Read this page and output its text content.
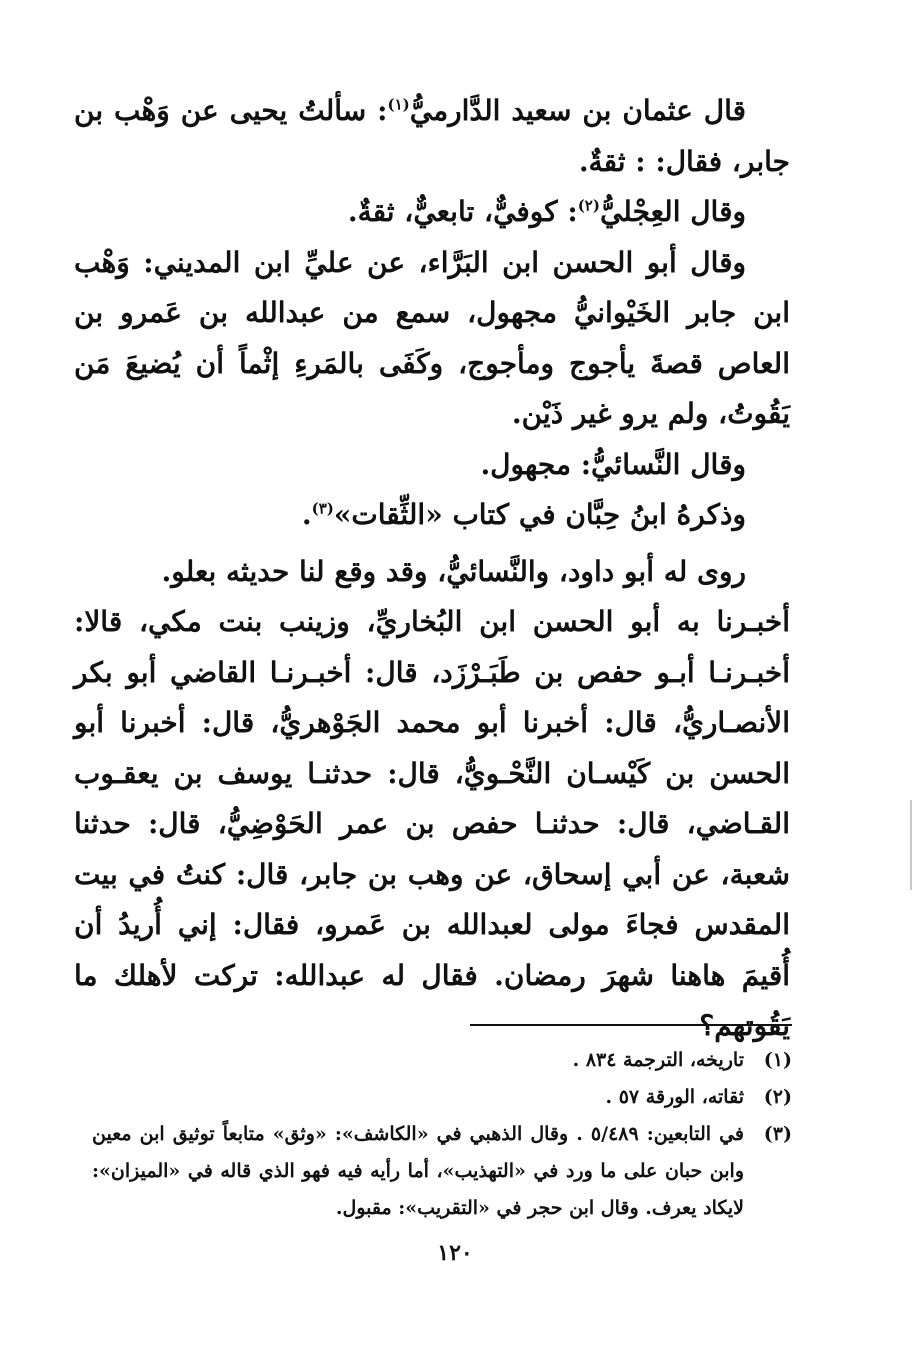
قال عثمان بن سعيد الدَّارميُّ$^{(١)}$: سألتُ يحيى عن وَهْب بن جابر، فقال: : ثقةٌ.

وقال العِجْليُّ$^{(٢)}$: كوفيٌّ، تابعيٌّ، ثقةٌ.

وقال أبو الحسن ابن البَرَّاء، عن عليِّ ابن المديني: وَهْب ابن جابر الخَيْوانيُّ مجهول، سمع من عبدالله بن عَمرو بن العاص قصةَ يأجوج ومأجوج، وكَفَى بالمَرءِ إثْماً أن يُضيعَ مَن يَقُوتُ، ولم يرو غير ذَيْن.

وقال النَّسائيُّ: مجهول.

وذكرهُ ابنُ حِبَّان في كتاب «الثِّقات»$^{(٣)}$.

روى له أبو داود، والنَّسائيُّ، وقد وقع لنا حديثه بعلو.

أخبـرنا به أبو الحسن ابن البُخاريِّ، وزينب بنت مكي، قالا: أخبـرنـا أبـو حفص بن طَبَـرْزَد، قال: أخبـرنـا القاضي أبو بكر الأنصـاريُّ، قال: أخبرنا أبو محمد الجَوْهريُّ، قال: أخبرنا أبو الحسن بن كَيْسـان النَّحْـويُّ، قال: حدثنـا يوسف بن يعقـوب القـاضي، قال: حدثنـا حفص بن عمر الحَوْضِيُّ، قال: حدثنا شعبة، عن أبي إسحاق، عن وهب بن جابر، قال: كنتُ في بيت المقدس فجاءَ مولى لعبدالله بن عَمرو، فقال: إني أُريدُ أن أُقيمَ هاهنا شهرَ رمضان. فقال له عبدالله: تركت لأهلك ما يَقُوتهم؟

(١)
تاريخه، الترجمة ٨٣٤ .
(٢)
ثقاته، الورقة ٥٧ .
(٣)
في التابعين: ٥/٤٨٩ . وقال الذهبي في «الكاشف»: «وثق» متابعاً توثيق ابن معين وابن حبان على ما ورد في «التهذيب»، أما رأيه فيه فهو الذي قاله في «الميزان»: لايكاد يعرف. وقال ابن حجر في «التقريب»: مقبول.
١٢٠
